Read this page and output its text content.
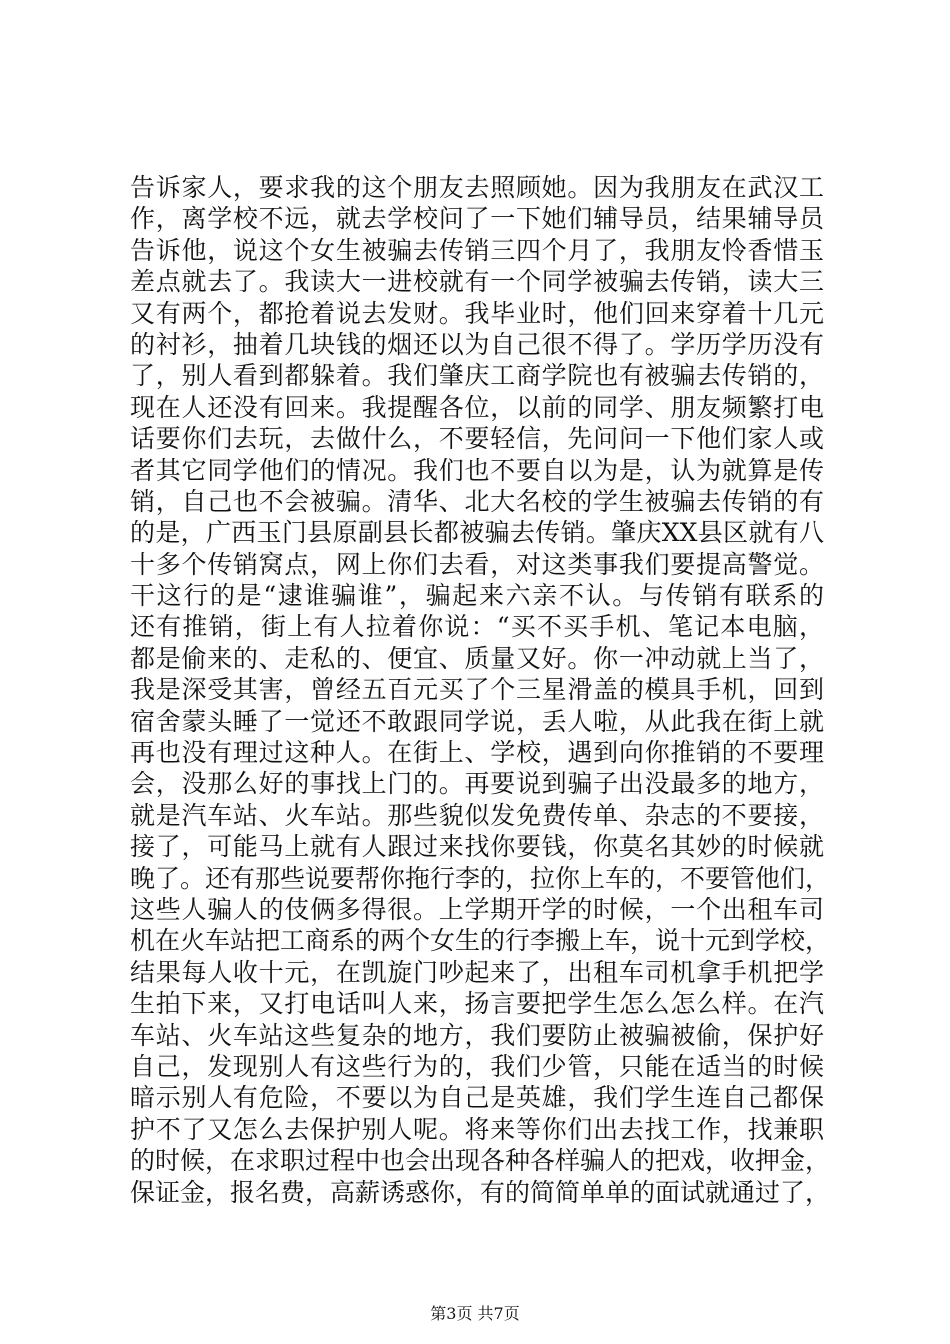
告诉家人，要求我的这个朋友去照顾她。因为我朋友在武汉工
作，离学校不远，就去学校问了一下她们辅导员，结果辅导员
告诉他，说这个女生被骗去传销三四个月了，我朋友怜香惜玉
差点就去了。我读大一进校就有一个同学被骗去传销，读大三
又有两个，都抢着说去发财。我毕业时，他们回来穿着十几元
的衬衫，抽着几块钱的烟还以为自己很不得了。学历学历没有
了，别人看到都躲着。我们肇庆工商学院也有被骗去传销的，
现在人还没有回来。我提醒各位，以前的同学、朋友频繁打电
话要你们去玩，去做什么，不要轻信，先问问一下他们家人或
者其它同学他们的情况。我们也不要自以为是，认为就算是传
销，自己也不会被骗。清华、北大名校的学生被骗去传销的有
的是，广西玉门县原副县长都被骗去传销。肇庆XX县区就有八
十多个传销窝点，网上你们去看，对这类事我们要提高警觉。
干这行的是“逮谁骗谁”，骗起来六亲不认。与传销有联系的
还有推销，街上有人拉着你说：“买不买手机、笔记本电脑，
都是偷来的、走私的、便宜、质量又好。你一冲动就上当了，
我是深受其害，曾经五百元买了个三星滑盖的模具手机，回到
宿舍蒙头睡了一觉还不敢跟同学说，丢人啦，从此我在街上就
再也没有理过这种人。在街上、学校，遇到向你推销的不要理
会，没那么好的事找上门的。再要说到骗子出没最多的地方，
就是汽车站、火车站。那些貌似发免费传单、杂志的不要接，
接了，可能马上就有人跟过来找你要钱，你莫名其妙的时候就
晚了。还有那些说要帮你拖行李的，拉你上车的，不要管他们，
这些人骗人的伎俩多得很。上学期开学的时候，一个出租车司
机在火车站把工商系的两个女生的行李搬上车，说十元到学校，
结果每人收十元，在凯旋门吵起来了，出租车司机拿手机把学
生拍下来，又打电话叫人来，扬言要把学生怎么怎么样。在汽
车站、火车站这些复杂的地方，我们要防止被骗被偷，保护好
自己，发现别人有这些行为的，我们少管，只能在适当的时候
暗示别人有危险，不要以为自己是英雄，我们学生连自己都保
护不了又怎么去保护别人呢。将来等你们出去找工作，找兼职
的时候，在求职过程中也会出现各种各样骗人的把戏，收押金，
保证金，报名费，高薪诱惑你，有的简简单单的面试就通过了，
第3页 共7页
